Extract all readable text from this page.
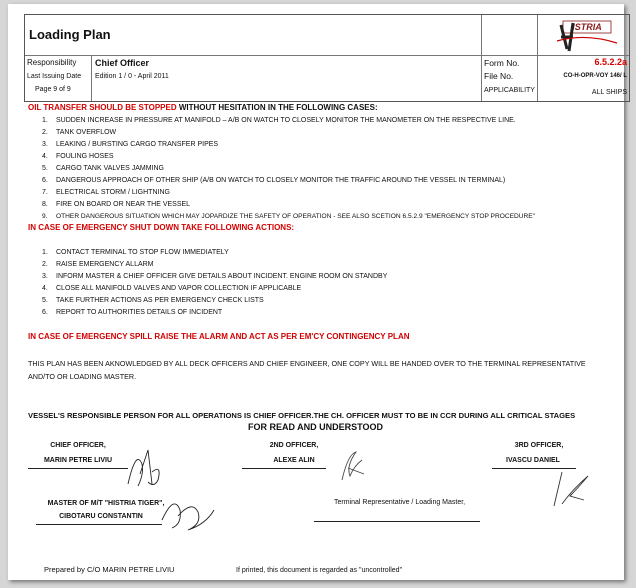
Loading Plan
Responsibility
Last Issuing Date
Page 9 of 9
Chief Officer
Edition 1 / 0 - April 2011
Form No.
File No.
APPLICABILITY
6.5.2.2a
CO-H-OPR-VOY 146/ L
ALL SHIPS
ISTRIA
OIL TRANSFER SHOULD BE STOPPED WITHOUT HESITATION IN THE FOLLOWING CASES:
1. SUDDEN INCREASE IN PRESSURE AT MANIFOLD – A/B ON WATCH TO CLOSELY MONITOR THE MANOMETER ON THE RESPECTIVE LINE.
2. TANK OVERFLOW
3. LEAKING / BURSTING CARGO TRANSFER PIPES
4. FOULING HOSES
5. CARGO TANK VALVES JAMMING
6. DANGEROUS APPROACH OF OTHER SHIP (A/B ON WATCH TO CLOSELY MONITOR THE TRAFFIC AROUND THE VESSEL IN TERMINAL)
7. ELECTRICAL STORM / LIGHTNING
8. FIRE ON BOARD OR NEAR THE VESSEL
9. OTHER DANGEROUS SITUATION WHICH MAY JOPARDIZE THE SAFETY OF OPERATION - SEE ALSO SCETION 6.5.2.9 "EMERGENCY STOP PROCEDURE"
IN CASE OF EMERGENCY SHUT DOWN TAKE FOLLOWING ACTIONS:
1. CONTACT TERMINAL TO STOP FLOW IMMEDIATELY
2. RAISE EMERGENCY ALLARM
3. INFORM MASTER & CHIEF OFFICER GIVE DETAILS ABOUT INCIDENT. ENGINE ROOM ON STANDBY
4. CLOSE ALL MANIFOLD VALVES AND VAPOR COLLECTION IF APPLICABLE
5. TAKE FURTHER ACTIONS AS PER EMERGENCY CHECK LISTS
6. REPORT TO AUTHORITIES DETAILS OF INCIDENT
IN CASE OF EMERGENCY SPILL RAISE THE ALARM AND ACT AS PER EM'CY CONTINGENCY PLAN
THIS PLAN HAS BEEN AKNOWLEDGED BY ALL DECK OFFICERS AND CHIEF ENGINEER, ONE COPY WILL BE HANDED OVER TO THE TERMINAL REPRESENTATIVE
AND/TO OR LOADING MASTER.
VESSEL'S RESPONSIBLE PERSON FOR ALL OPERATIONS IS CHIEF OFFICER.THE CH. OFFICER MUST TO BE IN CCR DURING ALL CRITICAL STAGES
FOR READ AND UNDERSTOOD
CHIEF OFFICER,
MARIN PETRE LIVIU
2ND OFFICER,
ALEXE ALIN
3RD OFFICER,
IVASCU DANIEL
MASTER OF M/T "HISTRIA TIGER",
CIBOTARU CONSTANTIN
Terminal Representative / Loading Master,
Prepared by C/O MARIN PETRE LIVIU	If printed, this document is regarded as "uncontrolled"
